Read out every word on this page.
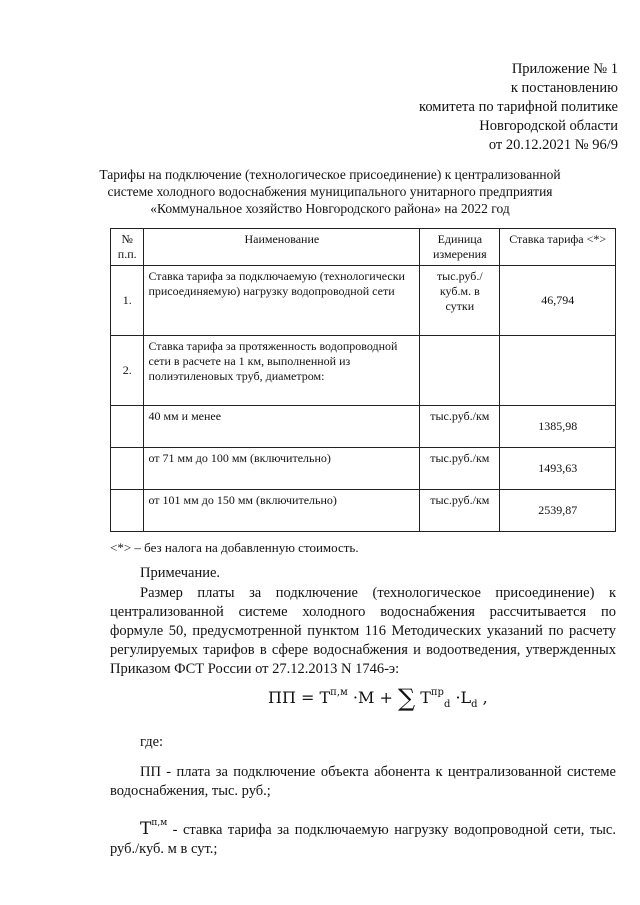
Приложение № 1
к постановлению
комитета по тарифной политике
Новгородской области
от 20.12.2021 № 96/9
Тарифы на подключение (технологическое присоединение) к централизованной системе холодного водоснабжения муниципального унитарного предприятия «Коммунальное хозяйство Новгородского района» на 2022 год
№ п.п.	Наименование	Единица измерения	Ставка тарифа <*>
1.	Ставка тарифа за подключаемую (технологически присоединяемую) нагрузку водопроводной сети	тыс.руб./куб.м. в сутки	46,794
2.	Ставка тарифа за протяженность водопроводной сети в расчете на 1 км, выполненной из полиэтиленовых труб, диаметром:		
	40 мм и менее	тыс.руб./км	1385,98
	от 71 мм до 100 мм (включительно)	тыс.руб./км	1493,63
	от 101 мм до 150 мм (включительно)	тыс.руб./км	2539,87
<*> – без налога на добавленную стоимость.
Примечание.
Размер платы за подключение (технологическое присоединение) к централизованной системе холодного водоснабжения рассчитывается по формуле 50, предусмотренной пунктом 116 Методических указаний по расчету регулируемых тарифов в сфере водоснабжения и водоотведения, утвержденных Приказом ФСТ России от 27.12.2013 N 1746-э:
ПП = $Т^{п,м} \cdot М$ + ∑ $Т^{пр}_d \cdot L_d$ ,
где:
ПП - плата за подключение объекта абонента к централизованной системе водоснабжения, тыс. руб.;
$Т^{п,м}$ - ставка тарифа за подключаемую нагрузку водопроводной сети, тыс. руб./куб. м в сут.;
